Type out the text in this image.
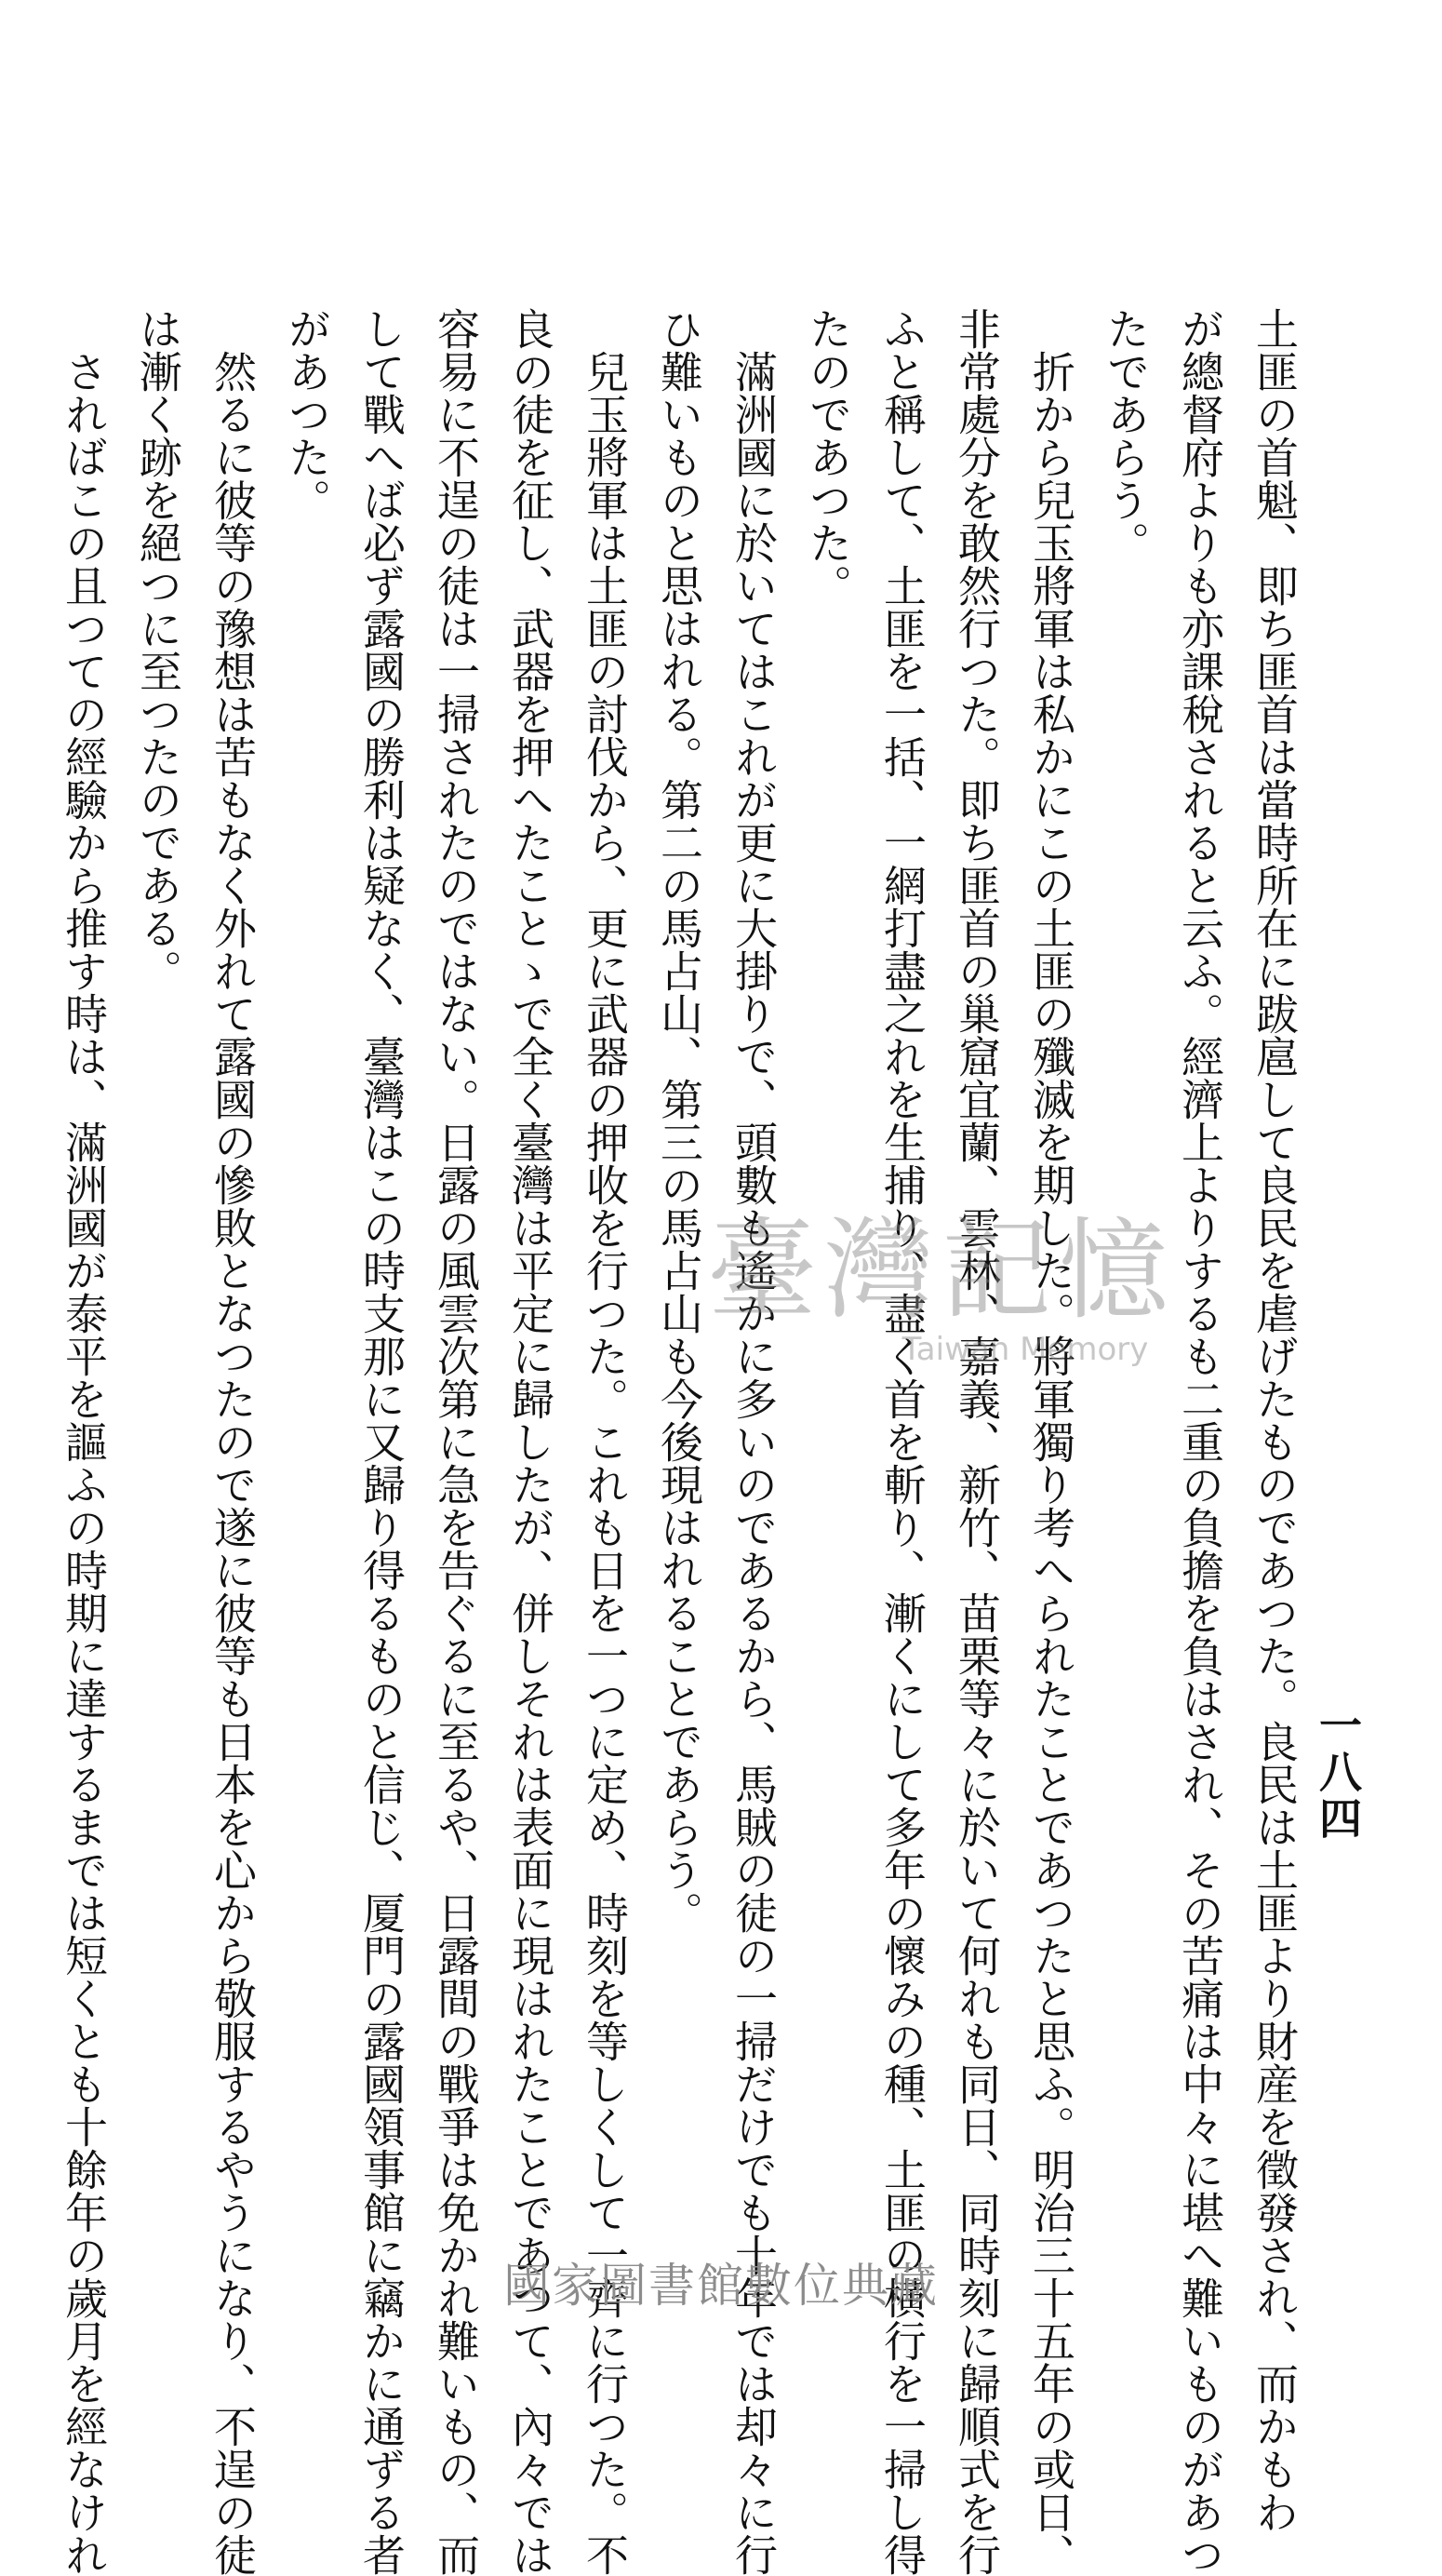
一八四
土匪の首魁、即ち匪首は當時所在に跋扈して良民を虐げたものであつた。良民は土匪より財産を徵發され、而かもわ
が總督府よりも亦課稅されると云ふ。經濟上よりするも二重の負擔を負はされ、その苦痛は中々に堪へ難いものがあつ
たであらう。
　折から兒玉將軍は私かにこの土匪の殲滅を期した。將軍獨り考へられたことであつたと思ふ。明治三十五年の或日、
非常處分を敢然行つた。即ち匪首の巢窟宜蘭、雲林、嘉義、新竹、苗栗等々に於いて何れも同日、同時刻に歸順式を行
ふと稱して、土匪を一括、一網打盡之れを生捕り、盡く首を斬り、漸くにして多年の懷みの種、土匪の横行を一掃し得
たのであつた。
　滿洲國に於いてはこれが更に大掛りで、頭數も遙かに多いのであるから、馬賊の徒の一掃だけでも十年では却々に行
ひ難いものと思はれる。第二の馬占山、第三の馬占山も今後現はれることであらう。
　兒玉將軍は土匪の討伐から、更に武器の押收を行つた。これも日を一つに定め、時刻を等しくして一齊に行つた。不
良の徒を征し、武器を押へたことゝで全く臺灣は平定に歸したが、併しそれは表面に現はれたことであつて、內々では
容易に不逞の徒は一掃されたのではない。日露の風雲次第に急を告ぐるに至るや、日露間の戰爭は免かれ難いもの、而
して戰へば必ず露國の勝利は疑なく、臺灣はこの時支那に又歸り得るものと信じ、厦門の露國領事館に竊かに通ずる者
があつた。
　然るに彼等の豫想は苦もなく外れて露國の慘敗となつたので遂に彼等も日本を心から敬服するやうになり、不逞の徒
は漸く跡を絕つに至つたのである。
　さればこの且つての經驗から推す時は、滿洲國が泰平を謳ふの時期に達するまでは短くとも十餘年の歲月を經なけれ	臺灣記憶
Taiwan Memory
國家圖書館數位典藏
